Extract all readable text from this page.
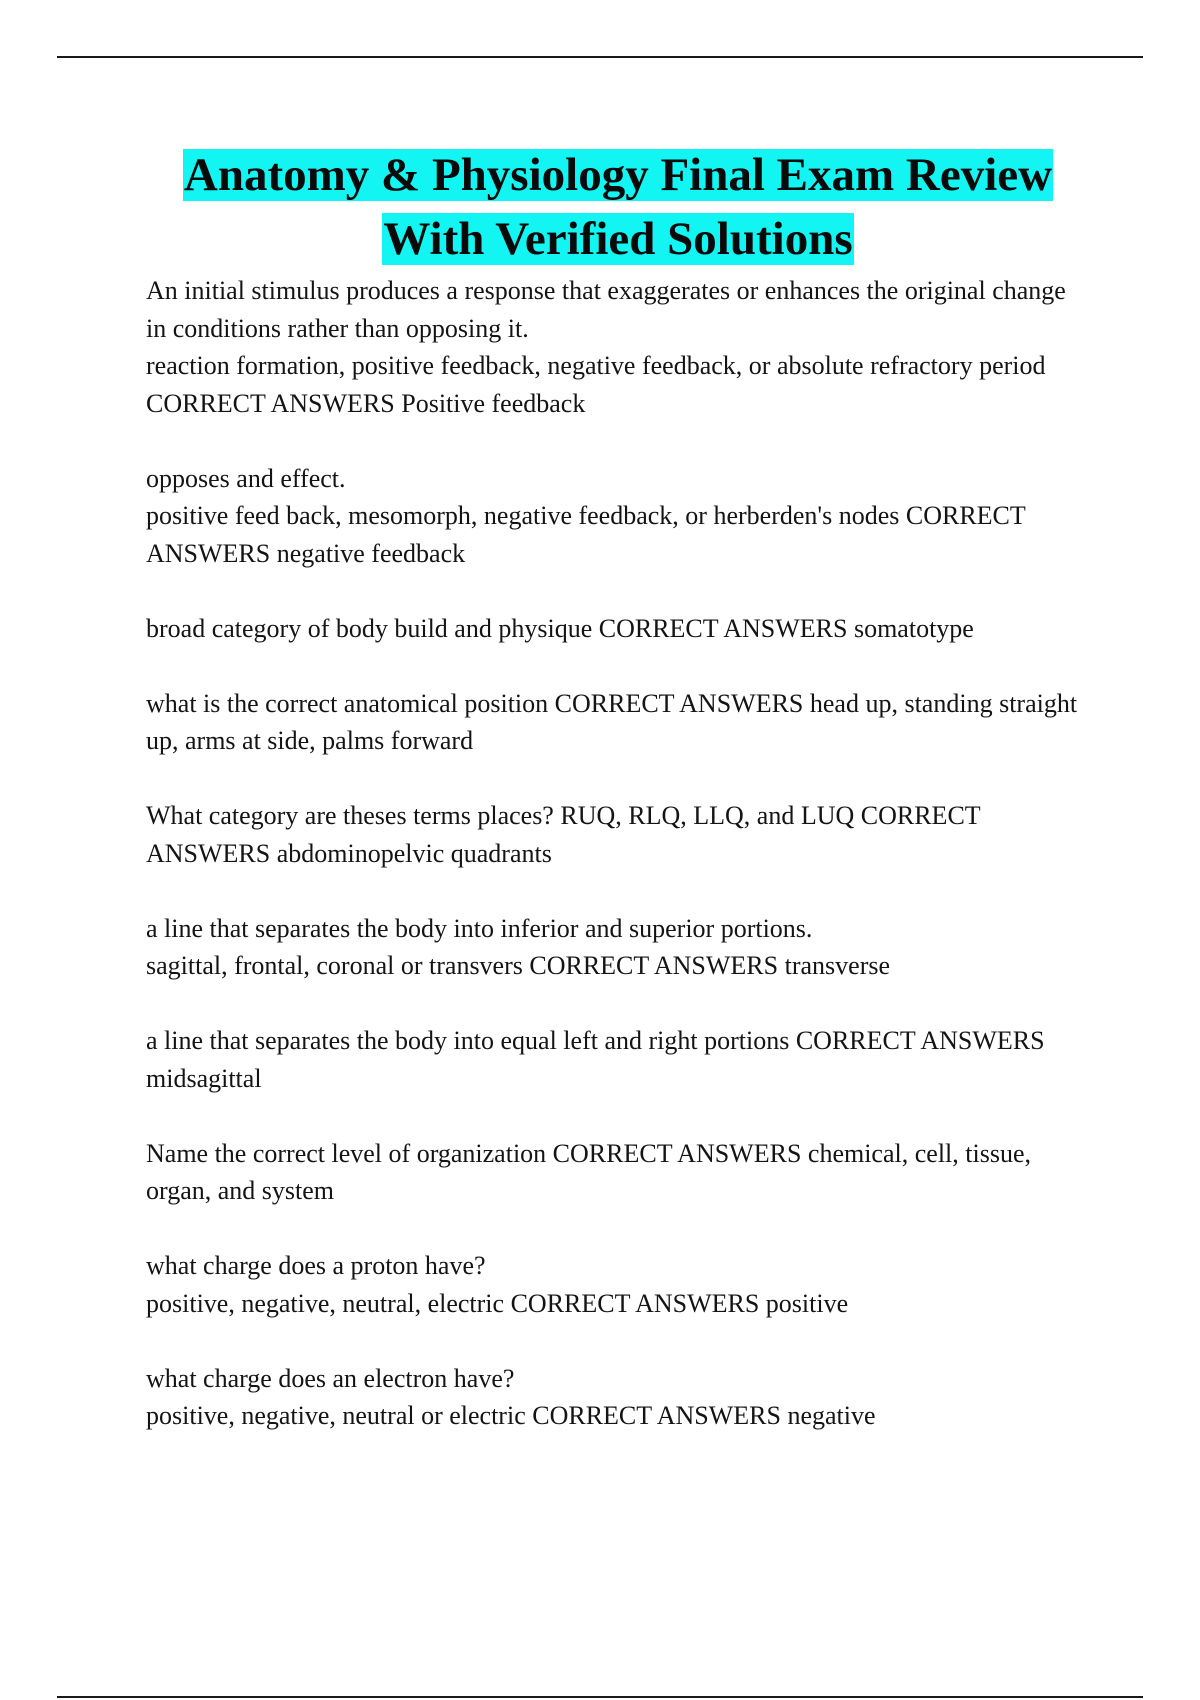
Anatomy & Physiology Final Exam Review
With Verified Solutions

An initial stimulus produces a response that exaggerates or enhances the original change in conditions rather than opposing it.

reaction formation, positive feedback, negative feedback, or absolute refractory period CORRECT ANSWERS Positive feedback

opposes and effect.

positive feed back, mesomorph, negative feedback, or herberden's nodes CORRECT ANSWERS negative feedback

broad category of body build and physique CORRECT ANSWERS somatotype

what is the correct anatomical position CORRECT ANSWERS head up, standing straight up, arms at side, palms forward

What category are theses terms places? RUQ, RLQ, LLQ, and LUQ CORRECT ANSWERS abdominopelvic quadrants

a line that separates the body into inferior and superior portions.

sagittal, frontal, coronal or transvers CORRECT ANSWERS transverse

a line that separates the body into equal left and right portions CORRECT ANSWERS midsagittal

Name the correct level of organization CORRECT ANSWERS chemical, cell, tissue, organ, and system

what charge does a proton have?

positive, negative, neutral, electric CORRECT ANSWERS positive

what charge does an electron have?

positive, negative, neutral or electric CORRECT ANSWERS negative
